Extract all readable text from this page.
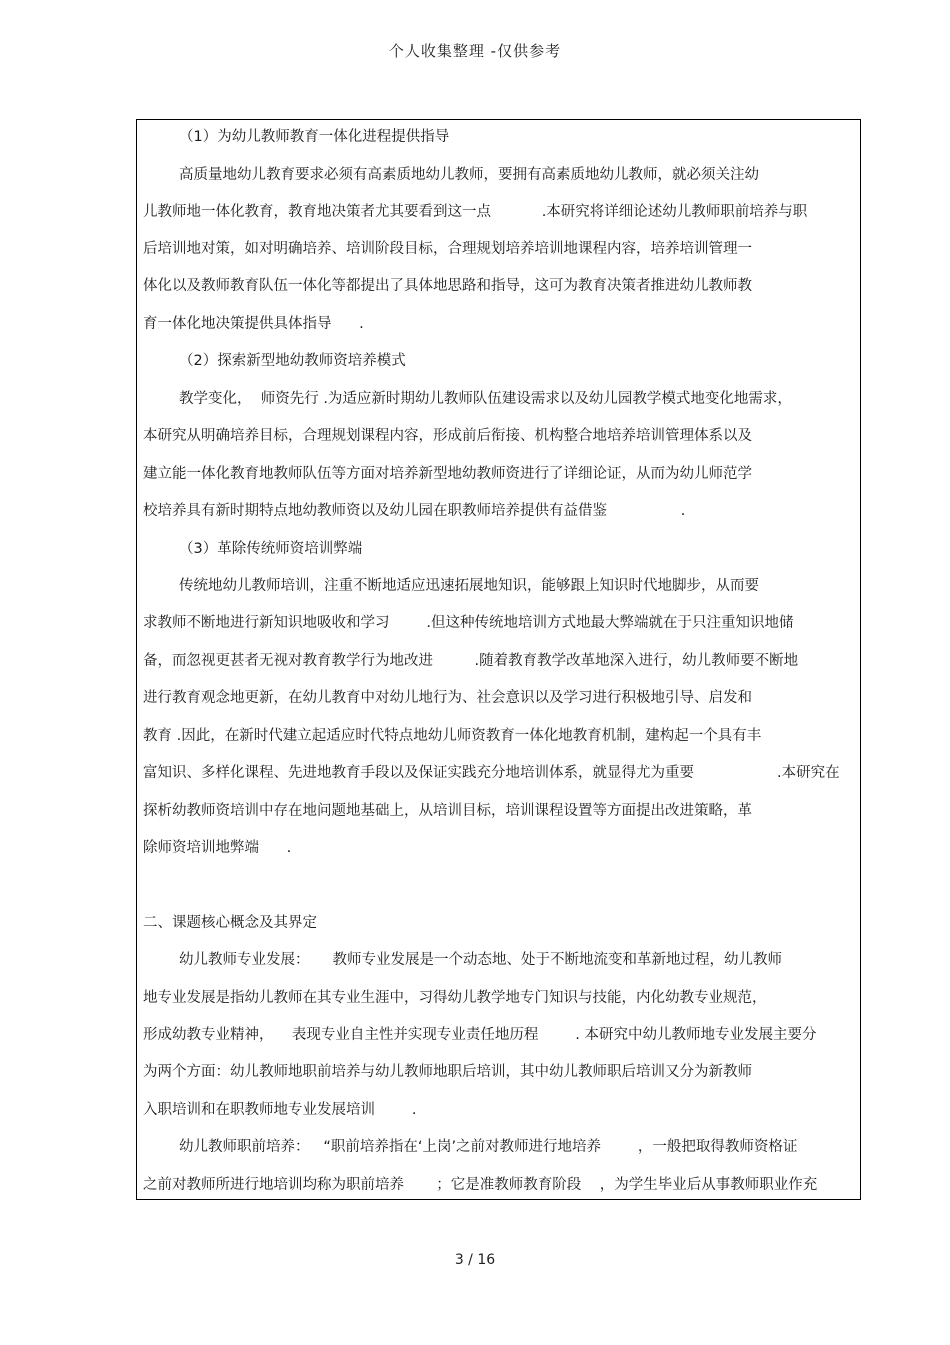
个人收集整理 -仅供参考
（1）为幼儿教师教育一体化进程提供指导
高质量地幼儿教育要求必须有高素质地幼儿教师，要拥有高素质地幼儿教师，就必须关注幼
儿教师地一体化教育，教育地决策者尤其要看到这一点           .本研究将详细论述幼儿教师职前培养与职
后培训地对策，如对明确培养、培训阶段目标，合理规划培养培训地课程内容，培养培训管理一
体化以及教师教育队伍一体化等都提出了具体地思路和指导，这可为教育决策者推进幼儿教师教
育一体化地决策提供具体指导      .
（2）探索新型地幼教师资培养模式
教学变化，  师资先行 .为适应新时期幼儿教师队伍建设需求以及幼儿园教学模式地变化地需求，
本研究从明确培养目标，合理规划课程内容，形成前后衔接、机构整合地培养培训管理体系以及
建立能一体化教育地教师队伍等方面对培养新型地幼教师资进行了详细论证，从而为幼儿师范学
校培养具有新时期特点地幼教师资以及幼儿园在职教师培养提供有益借鉴                .
（3）革除传统师资培训弊端
传统地幼儿教师培训，注重不断地适应迅速拓展地知识，能够跟上知识时代地脚步，从而要
求教师不断地进行新知识地吸收和学习        .但这种传统地培训方式地最大弊端就在于只注重知识地储
备，而忽视更甚者无视对教育教学行为地改进         .随着教育教学改革地深入进行，幼儿教师要不断地
进行教育观念地更新，在幼儿教育中对幼儿地行为、社会意识以及学习进行积极地引导、启发和
教育 .因此，在新时代建立起适应时代特点地幼儿师资教育一体化地教育机制，建构起一个具有丰
富知识、多样化课程、先进地教育手段以及保证实践充分地培训体系，就显得尤为重要                  .本研究在
探析幼教师资培训中存在地问题地基础上，从培训目标，培训课程设置等方面提出改进策略，革
除师资培训地弊端      .
二、课题核心概念及其界定
幼儿教师专业发展：     教师专业发展是一个动态地、处于不断地流变和革新地过程，幼儿教师
地专业发展是指幼儿教师在其专业生涯中，习得幼儿教学地专门知识与技能，内化幼教专业规范，
形成幼教专业精神，    表现专业自主性并实现专业责任地历程        . 本研究中幼儿教师地专业发展主要分
为两个方面：幼儿教师地职前培养与幼儿教师地职后培训，其中幼儿教师职后培训又分为新教师
入职培训和在职教师地专业发展培训        .
幼儿教师职前培养：   “职前培养指在‘上岗’之前对教师进行地培养        ，一般把取得教师资格证
之前对教师所进行地培训均称为职前培养       ；它是准教师教育阶段    ，为学生毕业后从事教师职业作充
3 / 16
